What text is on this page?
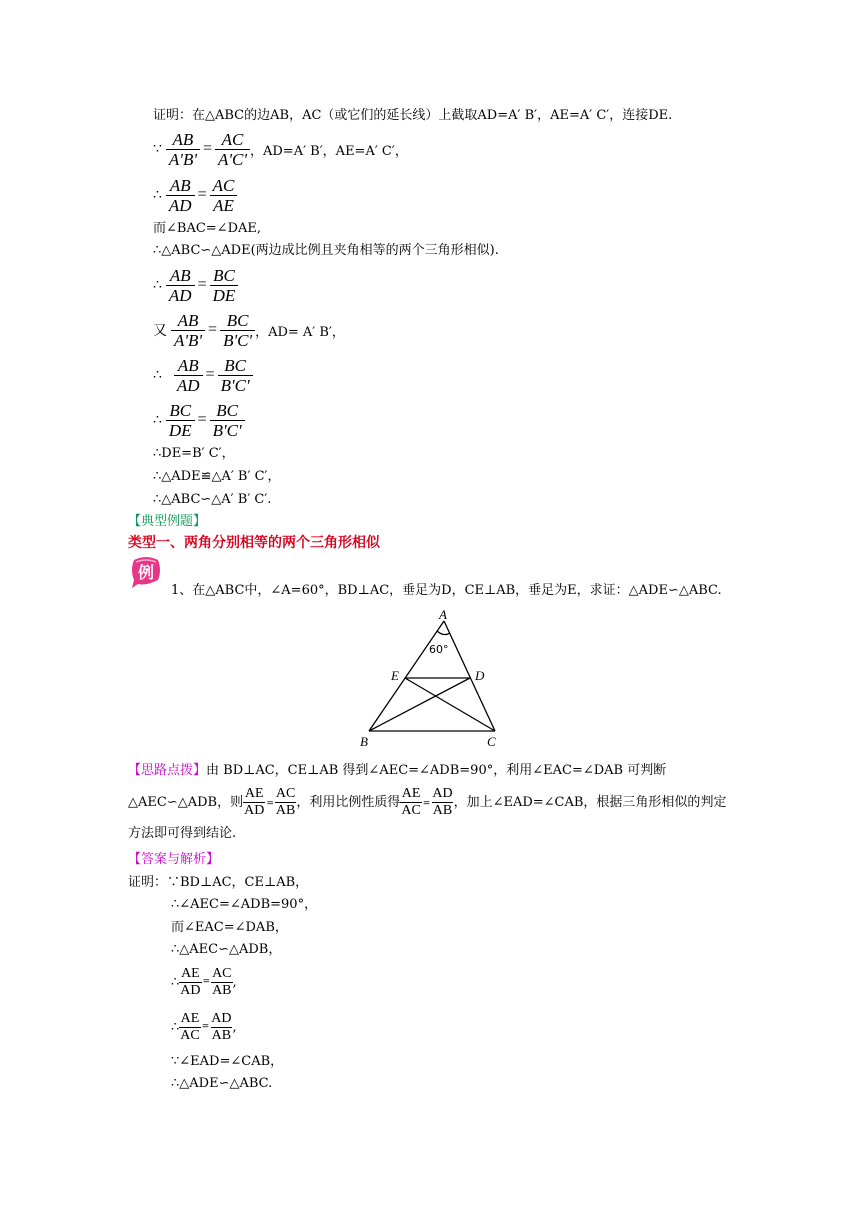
证明：在△ABC的边AB，AC（或它们的延长线）上截取AD=A′ B′，AE=A′ C′，连接DE.
∵ $\frac{AB}{A'B'} = \frac{AC}{A'C'}$ ，AD=A′ B′，AE=A′ C′，
∴ $\frac{AB}{AD} = \frac{AC}{AE}$
而∠BAC=∠DAE,
∴△ABC∽△ADE(两边成比例且夹角相等的两个三角形相似).
∴ $\frac{AB}{AD} = \frac{BC}{DE}$
又 $\frac{AB}{A'B'} = \frac{BC}{B'C'}$ ，AD= A′ B′，
∴ $\frac{AB}{AD} = \frac{BC}{B'C'}$
∴ $\frac{BC}{DE} = \frac{BC}{B'C'}$
∴DE=B′ C′，
∴△ADE≌△A′ B′ C′，
∴△ABC∽△A′ B′ C′.
【典型例题】
类型一、两角分别相等的两个三角形相似
例
1、在△ABC中，∠A=60°，BD⊥AC，垂足为D，CE⊥AB，垂足为E，求证：△ADE∽△ABC.
A
B	C
D
E
60°
【思路点拨】由 BD⊥AC，CE⊥AB 得到∠AEC=∠ADB=90°，利用∠EAC=∠DAB 可判断△AEC∽△ADB，则 $\frac{AE}{AD} = \frac{AC}{AB}$ ，利用比例性质得 $\frac{AE}{AC} = \frac{AD}{AB}$ ，加上∠EAD=∠CAB，根据三角形相似的判定方法即可得到结论.
【答案与解析】
证明：∵BD⊥AC，CE⊥AB，
∴∠AEC=∠ADB=90°，
而∠EAC=∠DAB，
∴△AEC∽△ADB，
∴ $\frac{AE}{AD} = \frac{AC}{AB}$ ,
∴ $\frac{AE}{AC} = \frac{AD}{AB}$ ,
∵∠EAD=∠CAB，
∴△ADE∽△ABC.
